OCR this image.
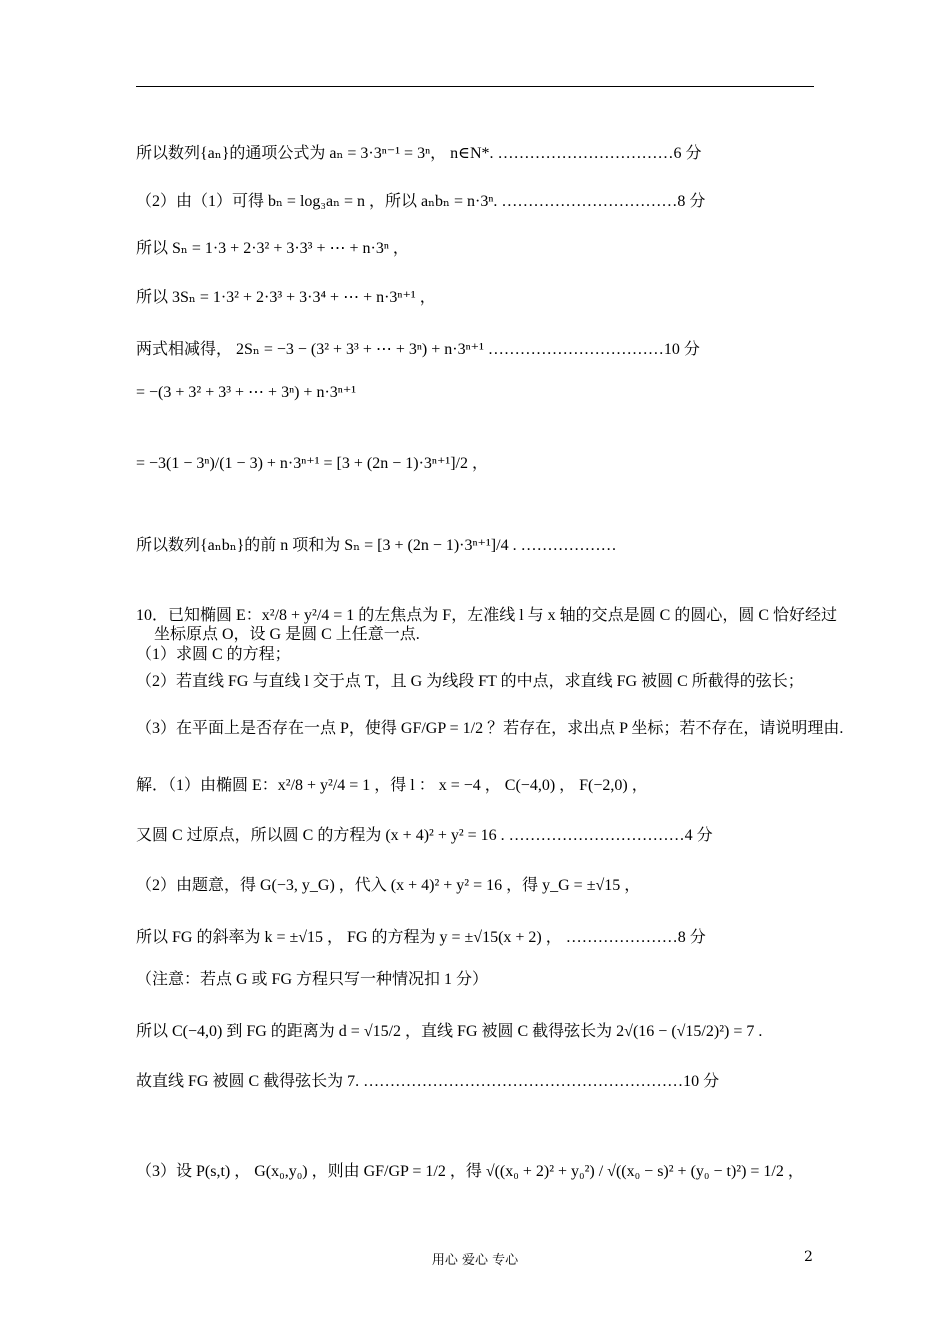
所以数列{aₙ}的通项公式为 aₙ = 3·3ⁿ⁻¹ = 3ⁿ， n∈N*. ……………………………6 分
（2）由（1）可得 bₙ = log₃aₙ = n ，所以 aₙbₙ = n·3ⁿ. ……………………………8 分
所以 Sₙ = 1·3 + 2·3² + 3·3³ + ⋯ + n·3ⁿ ，
所以 3Sₙ = 1·3² + 2·3³ + 3·3⁴ + ⋯ + n·3ⁿ⁺¹ ，
两式相减得， 2Sₙ = −3 − (3² + 3³ + ⋯ + 3ⁿ) + n·3ⁿ⁺¹ ……………………………10 分
= −(3 + 3² + 3³ + ⋯ + 3ⁿ) + n·3ⁿ⁺¹
= −3(1 − 3ⁿ)/(1 − 3) + n·3ⁿ⁺¹ = [3 + (2n − 1)·3ⁿ⁺¹]/2 ，
所以数列{aₙbₙ}的前 n 项和为 Sₙ = [3 + (2n − 1)·3ⁿ⁺¹]/4 . ………………
10．已知椭圆 E：x²/8 + y²/4 = 1 的左焦点为 F，左准线 l 与 x 轴的交点是圆 C 的圆心，圆 C 恰好经过
坐标原点 O，设 G 是圆 C 上任意一点.
（1）求圆 C 的方程；
（2）若直线 FG 与直线 l 交于点 T，且 G 为线段 FT 的中点，求直线 FG 被圆 C 所截得的弦长；
（3）在平面上是否存在一点 P，使得 GF/GP = 1/2 ？若存在，求出点 P 坐标；若不存在，请说明理由.
解．（1）由椭圆 E：x²/8 + y²/4 = 1 ，得 l ： x = −4 ， C(−4,0) ， F(−2,0) ，
又圆 C 过原点，所以圆 C 的方程为 (x + 4)² + y² = 16 . ……………………………4 分
（2）由题意，得 G(−3, y_G) ，代入 (x + 4)² + y² = 16 ，得 y_G = ±√15 ，
所以 FG 的斜率为 k = ±√15 ， FG 的方程为 y = ±√15(x + 2) ， …………………8 分
（注意：若点 G 或 FG 方程只写一种情况扣 1 分）
所以 C(−4,0) 到 FG 的距离为 d = √15/2 ，直线 FG 被圆 C 截得弦长为 2√(16 − (√15/2)²) = 7 .
故直线 FG 被圆 C 截得弦长为 7. ……………………………………………………10 分
（3）设 P(s,t) ， G(x₀,y₀) ，则由 GF/GP = 1/2 ，得 √((x₀ + 2)² + y₀²) / √((x₀ − s)² + (y₀ − t)²) = 1/2 ，
用心 爱心 专心	2
